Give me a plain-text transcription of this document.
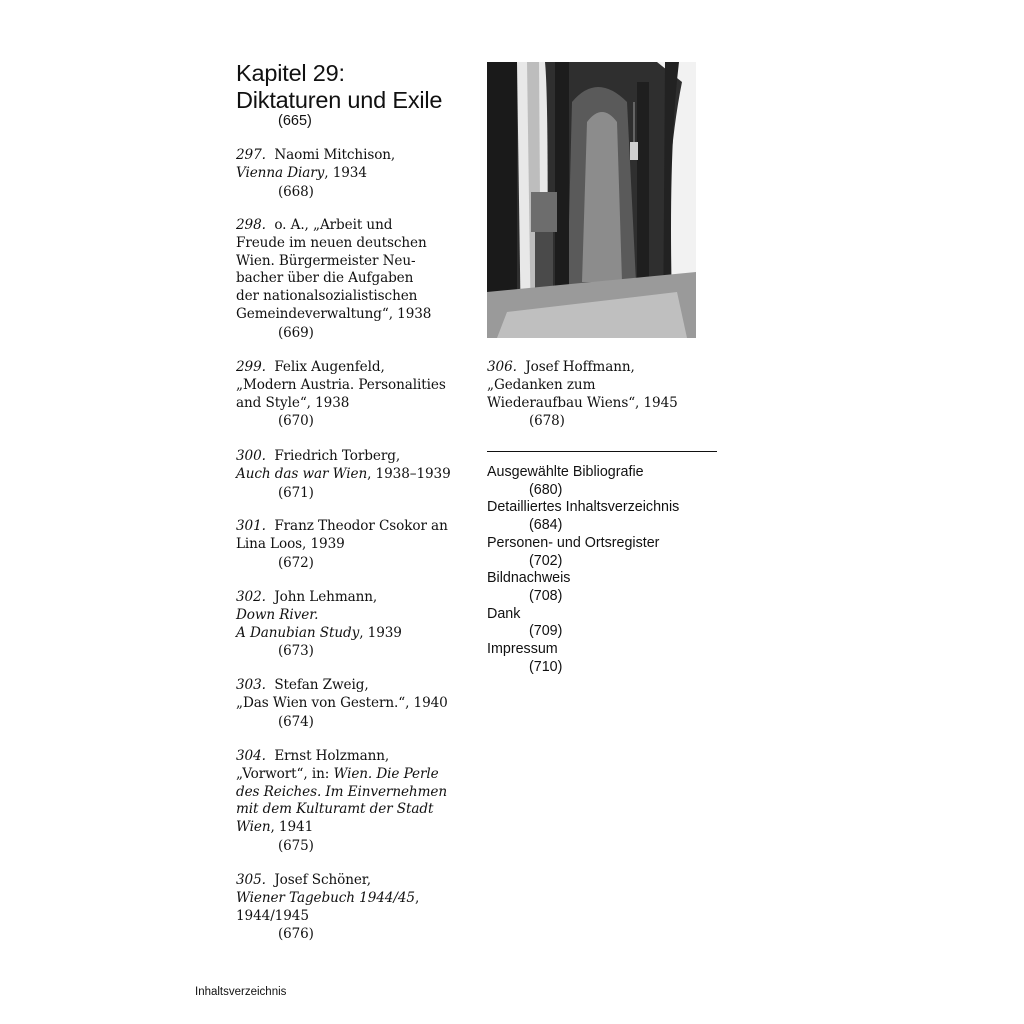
Kapitel 29:
Diktaturen und Exile
(665)
297. Naomi Mitchison,
Vienna Diary, 1934
(668)
298. o. A., „Arbeit und
Freude im neuen deutschen
Wien. Bürgermeister Neu-
bacher über die Aufgaben
der nationalsozialistischen
Gemeindeverwaltung“, 1938
(669)
299. Felix Augenfeld,
„Modern Austria. Personalities
and Style“, 1938
(670)
300. Friedrich Torberg,
Auch das war Wien, 1938–1939
(671)
301. Franz Theodor Csokor an
Lina Loos, 1939
(672)
302. John Lehmann,
Down River.
A Danubian Study, 1939
(673)
303. Stefan Zweig,
„Das Wien von Gestern.“, 1940
(674)
304. Ernst Holzmann,
„Vorwort“, in: Wien. Die Perle
des Reiches. Im Einvernehmen
mit dem Kulturamt der Stadt
Wien, 1941
(675)
305. Josef Schöner,
Wiener Tagebuch 1944/45,
1944/1945
(676)
306. Josef Hoffmann,
„Gedanken zum
Wiederaufbau Wiens“, 1945
(678)
Ausgewählte Bibliografie
(680)
Detailliertes Inhaltsverzeichnis
(684)
Personen- und Ortsregister
(702)
Bildnachweis
(708)
Dank
(709)
Impressum
(710)
Inhaltsverzeichnis
